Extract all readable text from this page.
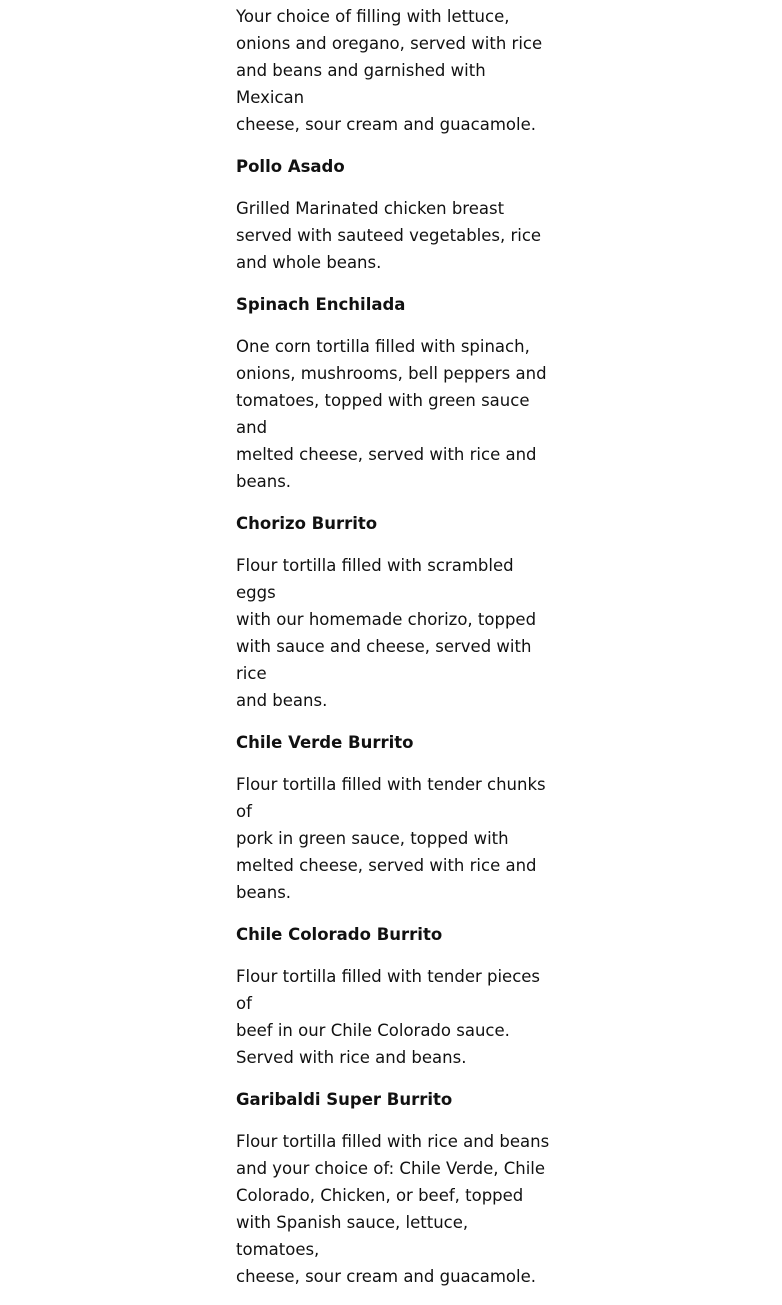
Your choice of filling with lettuce,
onions and oregano, served with rice
and beans and garnished with Mexican
cheese, sour cream and guacamole.

Pollo Asado

Grilled Marinated chicken breast
served with sauteed vegetables, rice
and whole beans.

Spinach Enchilada

One corn tortilla filled with spinach,
onions, mushrooms, bell peppers and
tomatoes, topped with green sauce and
melted cheese, served with rice and
beans.

Chorizo Burrito

Flour tortilla filled with scrambled eggs
with our homemade chorizo, topped
with sauce and cheese, served with rice
and beans.

Chile Verde Burrito

Flour tortilla filled with tender chunks of
pork in green sauce, topped with
melted cheese, served with rice and
beans.

Chile Colorado Burrito

Flour tortilla filled with tender pieces of
beef in our Chile Colorado sauce.
Served with rice and beans.

Garibaldi Super Burrito

Flour tortilla filled with rice and beans
and your choice of: Chile Verde, Chile
Colorado, Chicken, or beef, topped
with Spanish sauce, lettuce, tomatoes,
cheese, sour cream and guacamole.
